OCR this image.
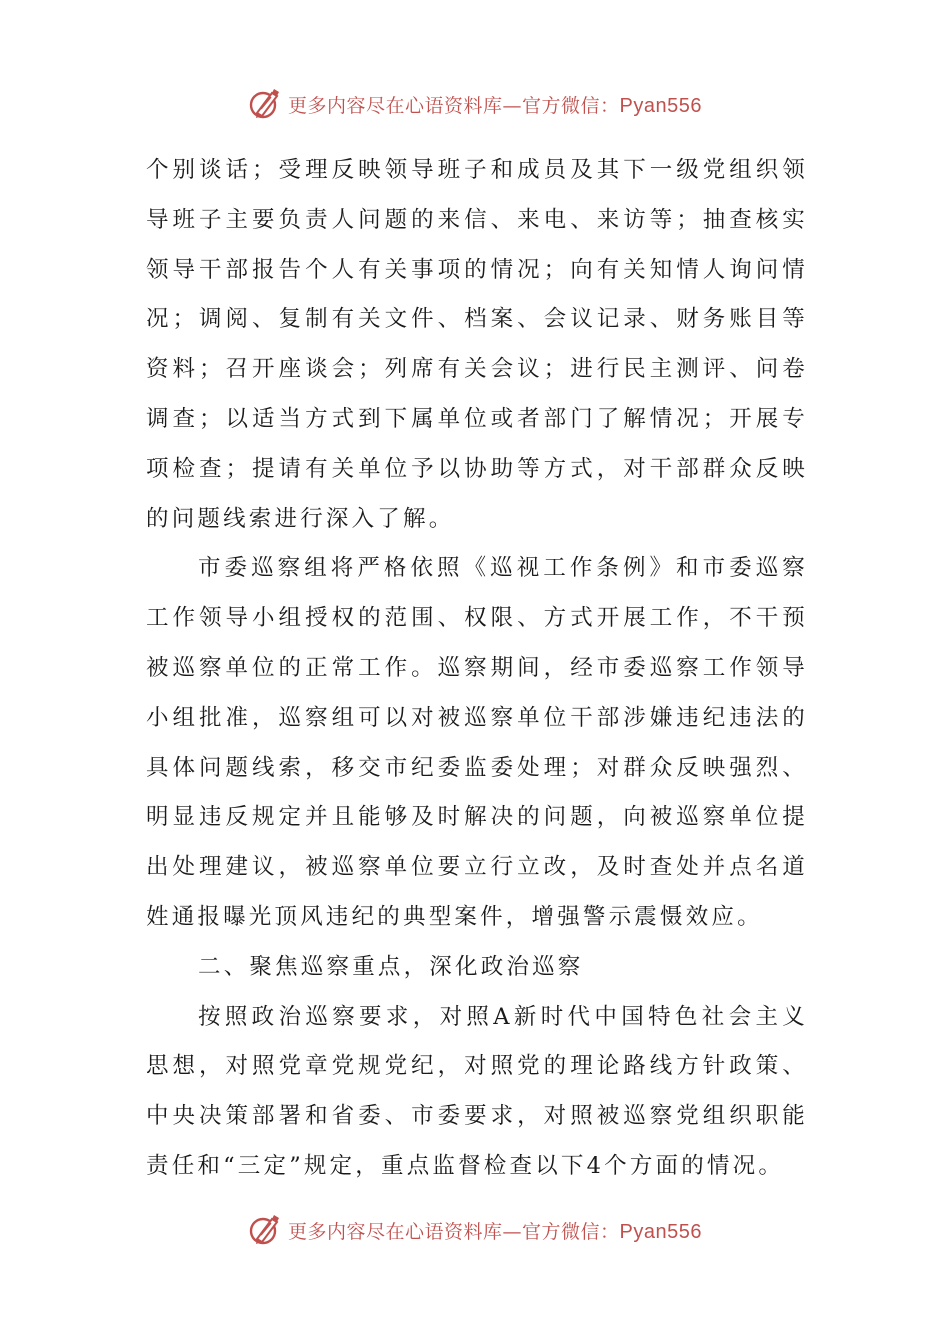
更多内容尽在心语资料库—官方微信：Pyan556

个别谈话；受理反映领导班子和成员及其下一级党组织领导班子主要负责人问题的来信、来电、来访等；抽查核实领导干部报告个人有关事项的情况；向有关知情人询问情况；调阅、复制有关文件、档案、会议记录、财务账目等资料；召开座谈会；列席有关会议；进行民主测评、问卷调查；以适当方式到下属单位或者部门了解情况；开展专项检查；提请有关单位予以协助等方式，对干部群众反映的问题线索进行深入了解。

市委巡察组将严格依照《巡视工作条例》和市委巡察工作领导小组授权的范围、权限、方式开展工作，不干预被巡察单位的正常工作。巡察期间，经市委巡察工作领导小组批准，巡察组可以对被巡察单位干部涉嫌违纪违法的具体问题线索，移交市纪委监委处理；对群众反映强烈、明显违反规定并且能够及时解决的问题，向被巡察单位提出处理建议，被巡察单位要立行立改，及时查处并点名道姓通报曝光顶风违纪的典型案件，增强警示震慑效应。

二、聚焦巡察重点，深化政治巡察

按照政治巡察要求，对照A新时代中国特色社会主义思想，对照党章党规党纪，对照党的理论路线方针政策、中央决策部署和省委、市委要求，对照被巡察党组织职能责任和“三定”规定，重点监督检查以下4个方面的情况。

更多内容尽在心语资料库—官方微信：Pyan556
